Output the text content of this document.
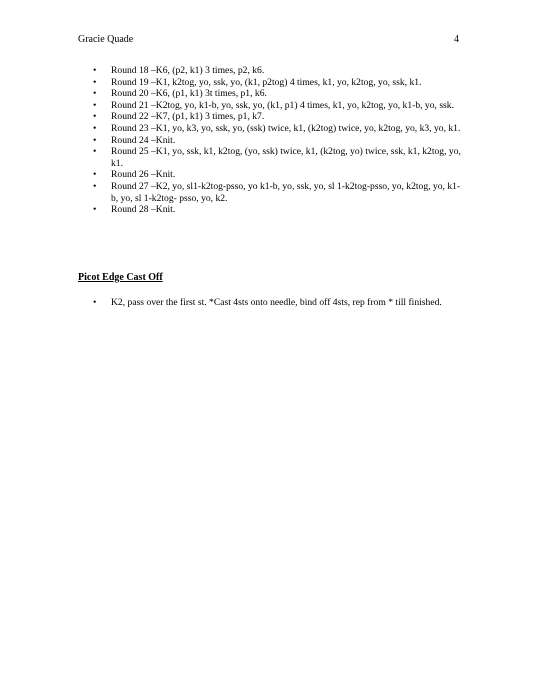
Gracie Quade	4
• Round 18 –K6, (p2, k1) 3 times, p2, k6.
• Round 19 –K1, k2tog, yo, ssk, yo, (k1, p2tog) 4 times, k1, yo, k2tog, yo, ssk, k1.
• Round 20 –K6, (p1, k1) 3t times, p1, k6.
• Round 21 –K2tog, yo, k1-b, yo, ssk, yo, (k1, p1) 4 times, k1, yo, k2tog, yo, k1-b, yo, ssk.
• Round 22 –K7, (p1, k1) 3 times, p1, k7.
• Round 23 –K1, yo, k3, yo, ssk, yo, (ssk) twice, k1, (k2tog) twice, yo, k2tog, yo, k3, yo, k1.
• Round 24 –Knit.
• Round 25 –K1, yo, ssk, k1, k2tog, (yo, ssk) twice, k1, (k2tog, yo) twice, ssk, k1, k2tog, yo, k1.
• Round 26 –Knit.
• Round 27 –K2, yo, sl1-k2tog-psso, yo k1-b, yo, ssk, yo, sl 1-k2tog-psso, yo, k2tog, yo, k1-b, yo, sl 1-k2tog- psso, yo, k2.
• Round 28 –Knit.
Picot Edge Cast Off
• K2, pass over the first st. *Cast 4sts onto needle, bind off 4sts, rep from * till finished.
